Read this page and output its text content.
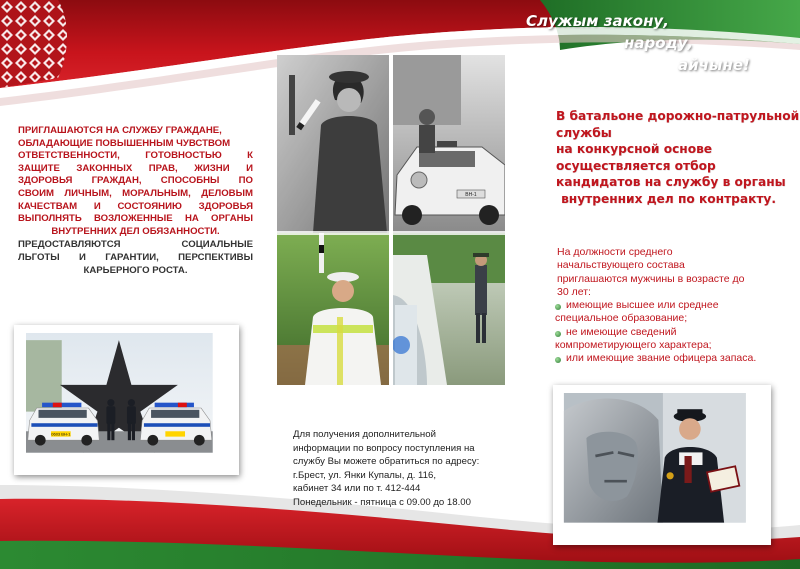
Служым закону,
народу,
айчыне!

ПРИГЛАШАЮТСЯ НА СЛУЖБУ ГРАЖДАНЕ,

ОБЛАДАЮЩИЕ ПОВЫШЕННЫМ ЧУВСТВОМ

ОТВЕТСТВЕННОСТИ, ГОТОВНОСТЬЮ К

ЗАЩИТЕ ЗАКОННЫХ ПРАВ, ЖИЗНИ И

ЗДОРОВЬЯ ГРАЖДАН, СПОСОБНЫ ПО

СВОИМ ЛИЧНЫМ, МОРАЛЬНЫМ, ДЕЛОВЫМ

КАЧЕСТВАМ И СОСТОЯНИЮ ЗДОРОВЬЯ

ВЫПОЛНЯТЬ ВОЗЛОЖЕННЫЕ НА ОРГАНЫ

ВНУТРЕННИХ ДЕЛ ОБЯЗАННОСТИ.

ПРЕДОСТАВЛЯЮТСЯ СОЦИАЛЬНЫЕ

ЛЬГОТЫ И ГАРАНТИИ, ПЕРСПЕКТИВЫ

КАРЬЕРНОГО РОСТА.

0603 ВН-1
ВН-1
В батальоне дорожно-патрульной
службы
на конкурсной основе
осуществляется отбор
кандидатов на службу в органы
внутренних дел по контракту.
На должности среднего
начальствующего состава
приглашаются мужчины в возрасте до
30 лет:
имеющие высшее или среднее
специальное образование;
не имеющие сведений
компрометирующего характера;
или имеющие звание офицера запаса.
Для получения дополнительной
информации по вопросу поступления на
службу Вы можете обратиться по адресу:
г.Брест, ул. Янки Купалы, д. 116,
кабинет 34 или по т. 412-444
Понедельник - пятница с 09.00 до 18.00
